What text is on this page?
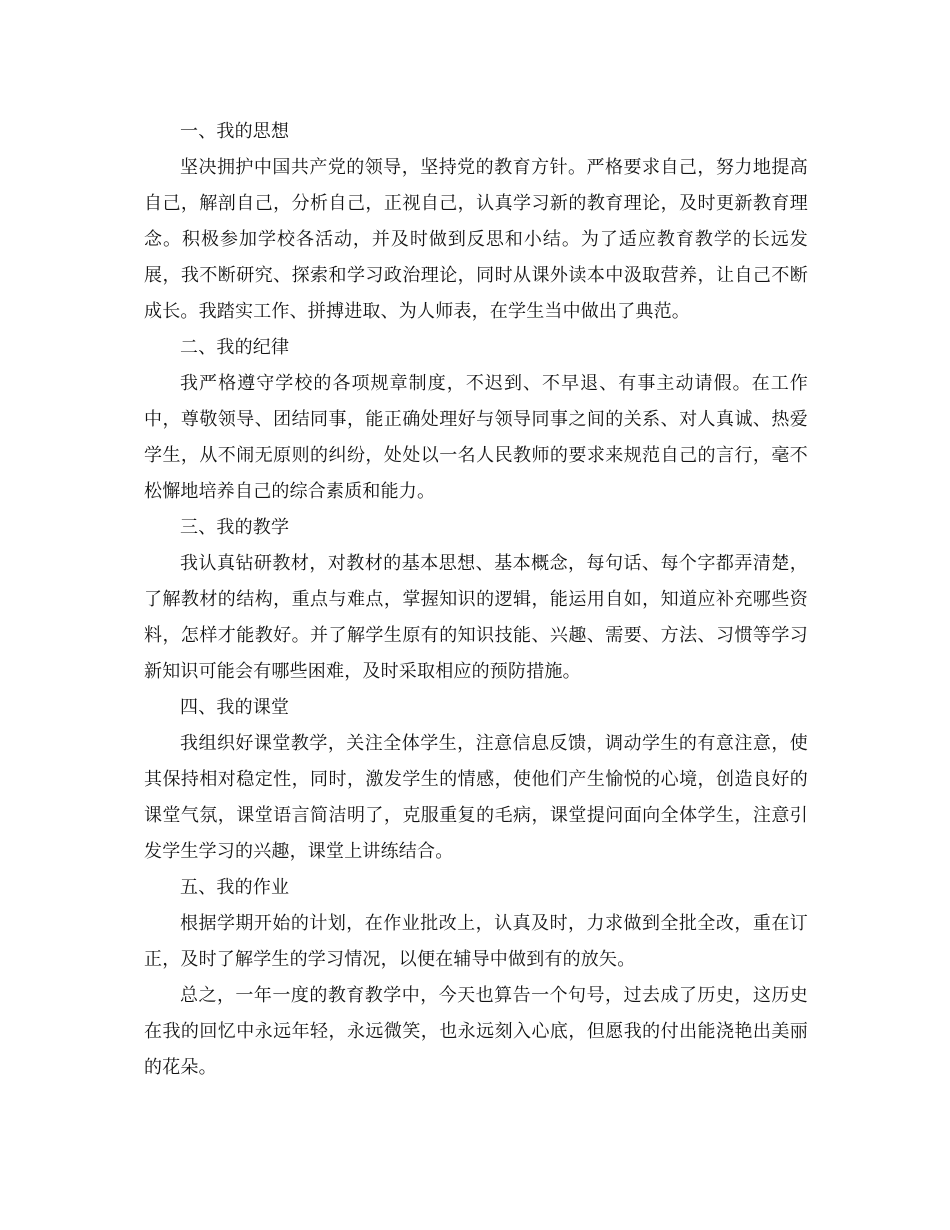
一、我的思想

坚决拥护中国共产党的领导，坚持党的教育方针。严格要求自己，努力地提高自己，解剖自己，分析自己，正视自己，认真学习新的教育理论，及时更新教育理念。积极参加学校各活动，并及时做到反思和小结。为了适应教育教学的长远发展，我不断研究、探索和学习政治理论，同时从课外读本中汲取营养，让自己不断成长。我踏实工作、拼搏进取、为人师表，在学生当中做出了典范。

二、我的纪律

我严格遵守学校的各项规章制度，不迟到、不早退、有事主动请假。在工作中，尊敬领导、团结同事，能正确处理好与领导同事之间的关系、对人真诚、热爱学生，从不闹无原则的纠纷，处处以一名人民教师的要求来规范自己的言行，毫不松懈地培养自己的综合素质和能力。

三、我的教学

我认真钻研教材，对教材的基本思想、基本概念，每句话、每个字都弄清楚，了解教材的结构，重点与难点，掌握知识的逻辑，能运用自如，知道应补充哪些资料，怎样才能教好。并了解学生原有的知识技能、兴趣、需要、方法、习惯等学习新知识可能会有哪些困难，及时采取相应的预防措施。

四、我的课堂

我组织好课堂教学，关注全体学生，注意信息反馈，调动学生的有意注意，使其保持相对稳定性，同时，激发学生的情感，使他们产生愉悦的心境，创造良好的课堂气氛，课堂语言简洁明了，克服重复的毛病，课堂提问面向全体学生，注意引发学生学习的兴趣，课堂上讲练结合。

五、我的作业

根据学期开始的计划，在作业批改上，认真及时，力求做到全批全改，重在订正，及时了解学生的学习情况，以便在辅导中做到有的放矢。

总之，一年一度的教育教学中，今天也算告一个句号，过去成了历史，这历史在我的回忆中永远年轻，永远微笑，也永远刻入心底，但愿我的付出能浇艳出美丽的花朵。
